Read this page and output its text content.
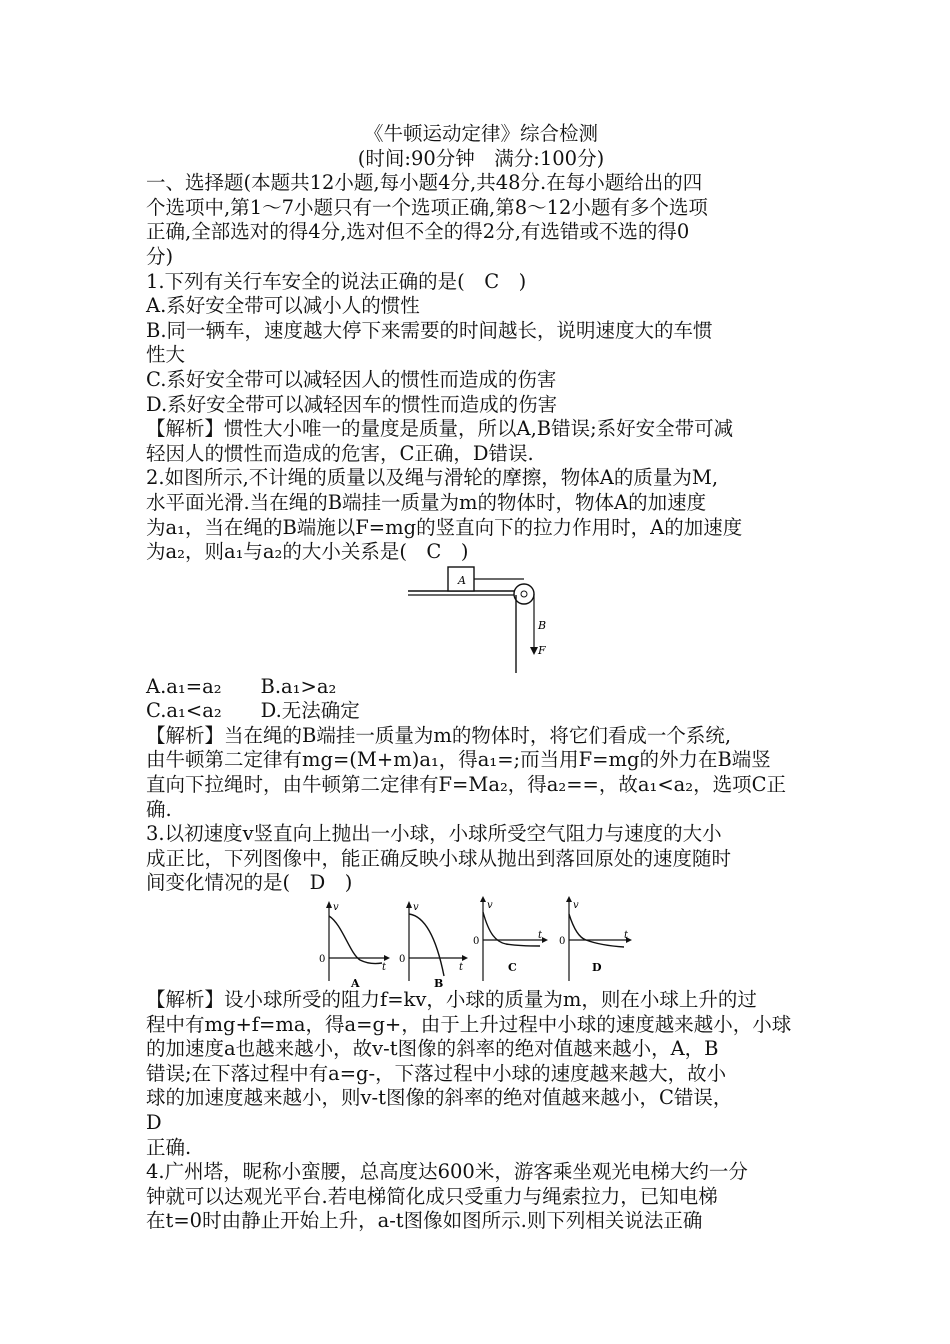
《牛顿运动定律》综合检测
(时间:90分钟　满分:100分)
一、选择题(本题共12小题,每小题4分,共48分.在每小题给出的四
个选项中,第1～7小题只有一个选项正确,第8～12小题有多个选项
正确,全部选对的得4分,选对但不全的得2分,有选错或不选的得0
分)
1.下列有关行车安全的说法正确的是(　C　)
A.系好安全带可以减小人的惯性
B.同一辆车，速度越大停下来需要的时间越长，说明速度大的车惯
性大
C.系好安全带可以减轻因人的惯性而造成的伤害
D.系好安全带可以减轻因车的惯性而造成的伤害
【解析】惯性大小唯一的量度是质量，所以A,B错误;系好安全带可减
轻因人的惯性而造成的危害，C正确，D错误.
2.如图所示,不计绳的质量以及绳与滑轮的摩擦，物体A的质量为M,
水平面光滑.当在绳的B端挂一质量为m的物体时，物体A的加速度
为a₁，当在绳的B端施以F=mg的竖直向下的拉力作用时，A的加速度
为a₂，则a₁与a₂的大小关系是(　C　)
A
B
F
A.a₁=a₂　　B.a₁>a₂
C.a₁<a₂　　D.无法确定
【解析】当在绳的B端挂一质量为m的物体时，将它们看成一个系统,
由牛顿第二定律有mg=(M+m)a₁，得a₁=;而当用F=mg的外力在B端竖
直向下拉绳时，由牛顿第二定律有F=Ma₂，得a₂==，故a₁<a₂，选项C正
确.
3.以初速度v竖直向上抛出一小球，小球所受空气阻力与速度的大小
成正比，下列图像中，能正确反映小球从抛出到落回原处的速度随时
间变化情况的是(　D　)
v
0
t
A
v
0
t
B
v
0
t
C
v
0
t
D
【解析】设小球所受的阻力f=kv，小球的质量为m，则在小球上升的过
程中有mg+f=ma，得a=g+，由于上升过程中小球的速度越来越小，小球
的加速度a也越来越小，故v-t图像的斜率的绝对值越来越小，A，B
错误;在下落过程中有a=g-，下落过程中小球的速度越来越大，故小
球的加速度越来越小，则v-t图像的斜率的绝对值越来越小，C错误，
D
正确.
4.广州塔，昵称小蛮腰，总高度达600米，游客乘坐观光电梯大约一分
钟就可以达观光平台.若电梯简化成只受重力与绳索拉力，已知电梯
在t=0时由静止开始上升，a-t图像如图所示.则下列相关说法正确
